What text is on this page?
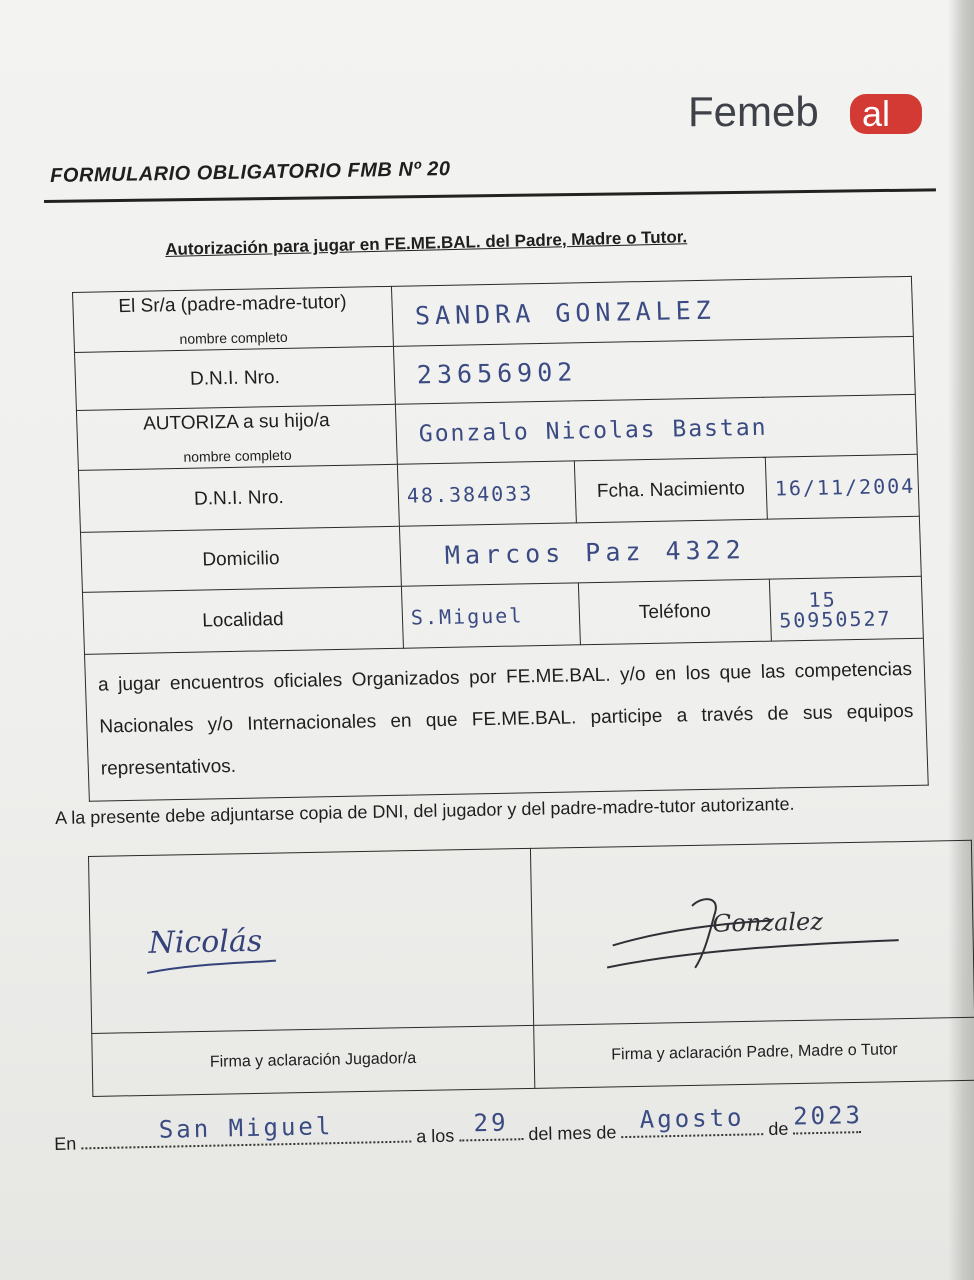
Femeb al
FORMULARIO OBLIGATORIO FMB Nº 20
Autorización para jugar en FE.ME.BAL. del Padre, Madre o Tutor.
El Sr/a (padre-madre-tutor)
nombre completo	SANDRA GONZALEZ		
D.N.I. Nro.	23656902		

AUTORIZA a su hijo/a
nombre completo	Gonzalo Nicolas Bastan		
D.N.I. Nro.	48.384033	Fcha. Nacimiento	16/11/2004
Domicilio	Marcos Paz 4322		
Localidad	S.Miguel	Teléfono	15
50950527

a jugar encuentros oficiales Organizados por FE.ME.BAL. y/o en los que las competencias Nacionales y/o Internacionales en que FE.ME.BAL. participe a través de sus equipos representativos.			
A la presente debe adjuntarse copia de DNI, del jugador y del padre-madre-tutor autorizante.
Nicolás	Gonzalez

Firma y aclaración Jugador/a	Firma y aclaración Padre, Madre o Tutor
En	San Miguel	a los 29	del mes de Agosto	de 2023
